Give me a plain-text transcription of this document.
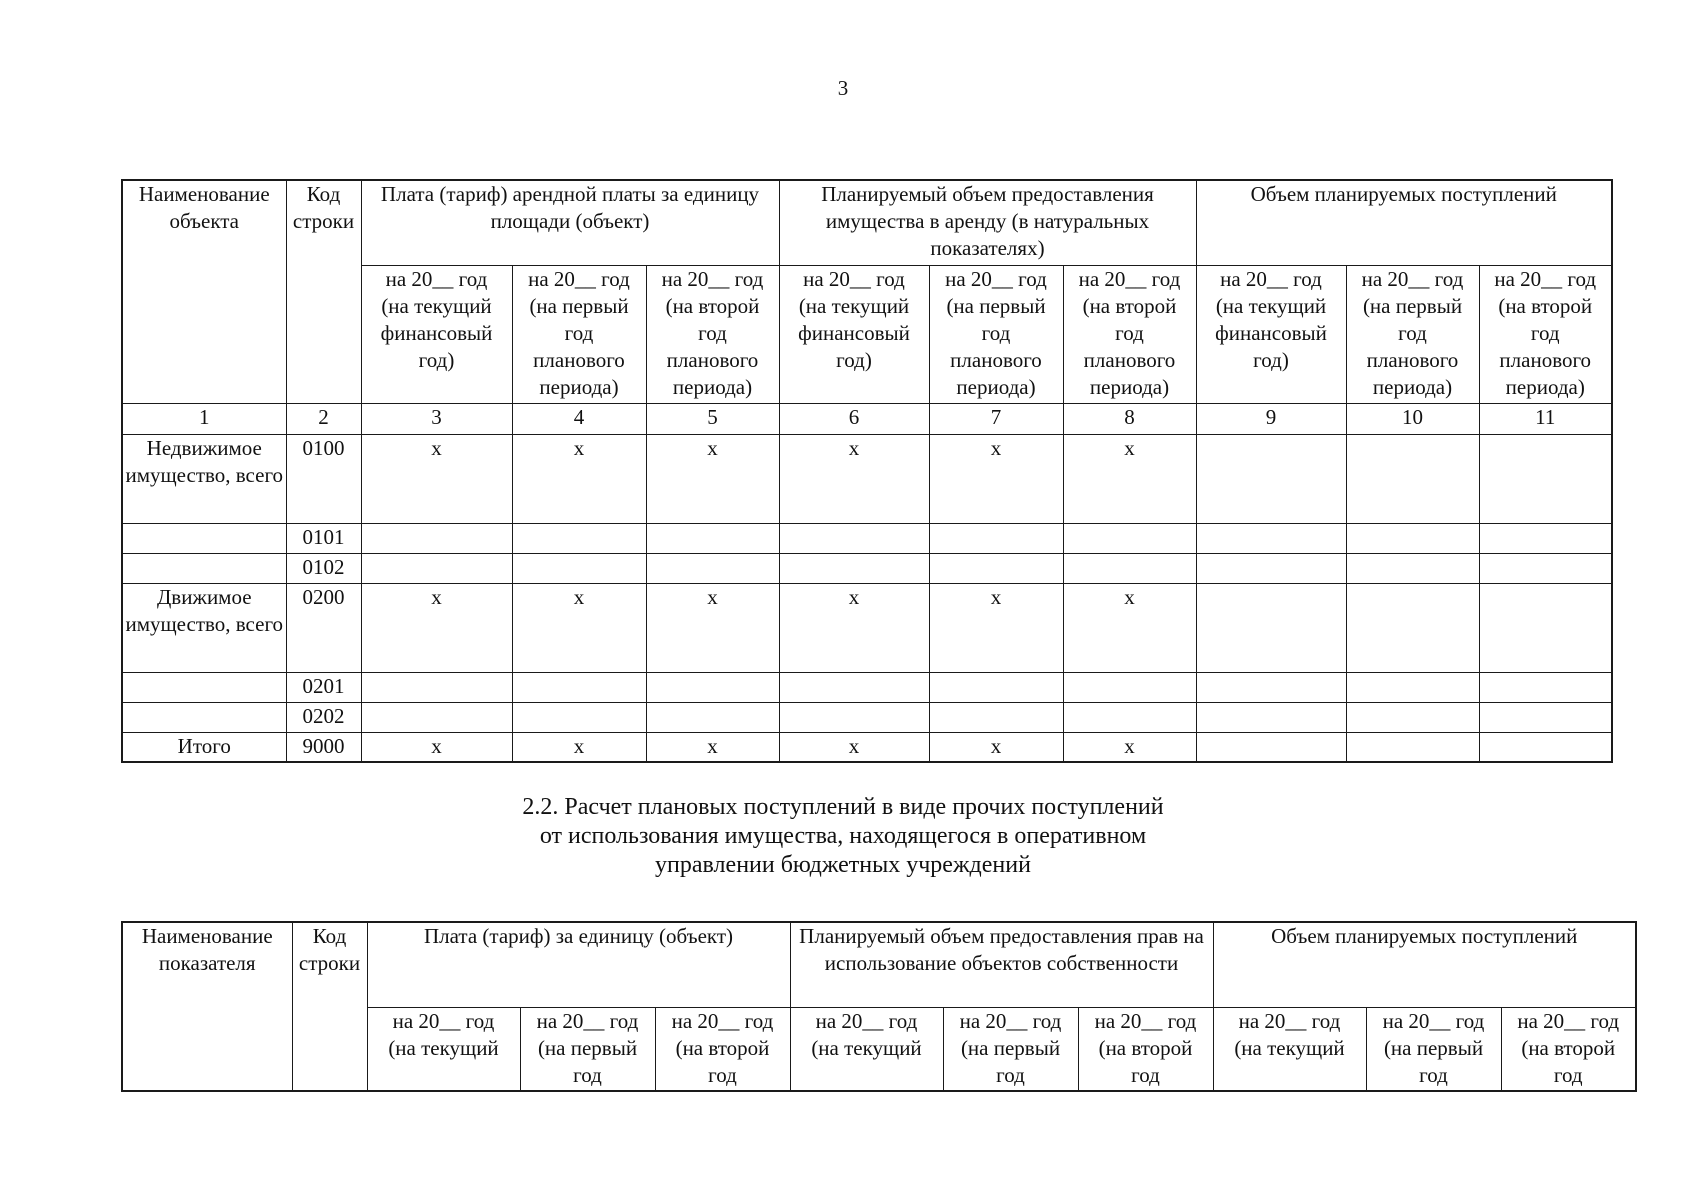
3
Наименование объекта	Код строки	Плата (тариф) арендной платы за единицу площади (объект)			Планируемый объем предоставления имущества в аренду (в натуральных показателях)			Объем планируемых поступлений		

		на 20__ год
(на текущий
финансовый
год)	на 20__ год
(на первый
год
планового
периода)	на 20__ год
(на второй
год
планового
периода)	на 20__ год
(на текущий
финансовый
год)	на 20__ год
(на первый
год
планового
периода)	на 20__ год
(на второй
год
планового
периода)	на 20__ год
(на текущий
финансовый
год)	на 20__ год
(на первый
год
планового
периода)	на 20__ год
(на второй
год
планового
периода)

1	2	3	4	5	6	7	8	9	10	11
Недвижимое имущество, всего	0100	x	x	x	x	x	x			
	0101									
	0102									
Движимое имущество, всего	0200	x	x	x	x	x	x			
	0201									
	0202									
Итого	9000	x	x	x	x	x	x			
2.2. Расчет плановых поступлений в виде прочих поступлений
от использования имущества, находящегося в оперативном
управлении бюджетных учреждений
Наименование показателя	Код строки	Плата (тариф) за единицу (объект)			Планируемый объем предоставления прав на использование объектов собственности			Объем планируемых поступлений		

		на 20__ год
(на текущий	на 20__ год
(на первый
год	на 20__ год
(на второй
год	на 20__ год
(на текущий	на 20__ год
(на первый
год	на 20__ год
(на второй
год	на 20__ год
(на текущий	на 20__ год
(на первый
год	на 20__ год
(на второй
год
